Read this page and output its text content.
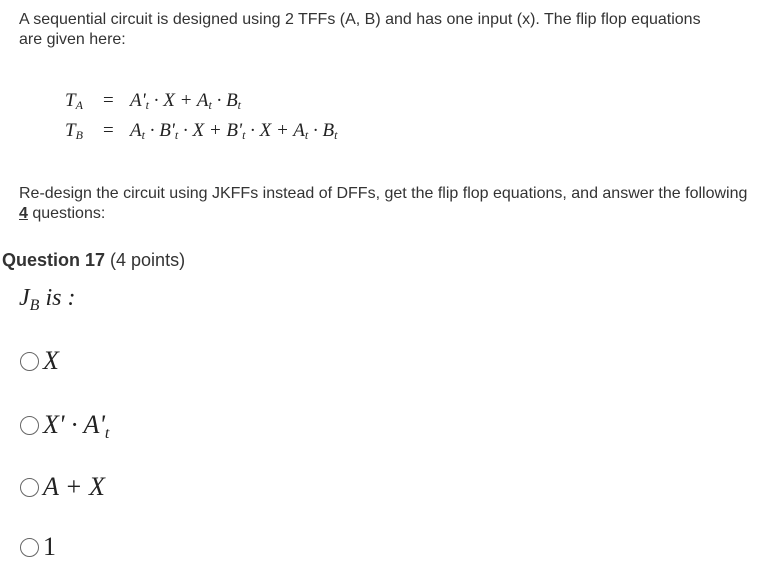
A sequential circuit is designed using 2 TFFs (A, B) and has one input (x). The flip flop equations are given here:
$T_A = A'_t \cdot X + A_t \cdot B_t$
$T_B = A_t \cdot B'_t \cdot X + B'_t \cdot X + A_t \cdot B_t$
Re-design the circuit using JKFFs instead of DFFs, get the flip flop equations, and answer the following 4 questions:
Question 17 (4 points)
$J_B$ is :
X
$X' \cdot A'_t$
A + X
1
